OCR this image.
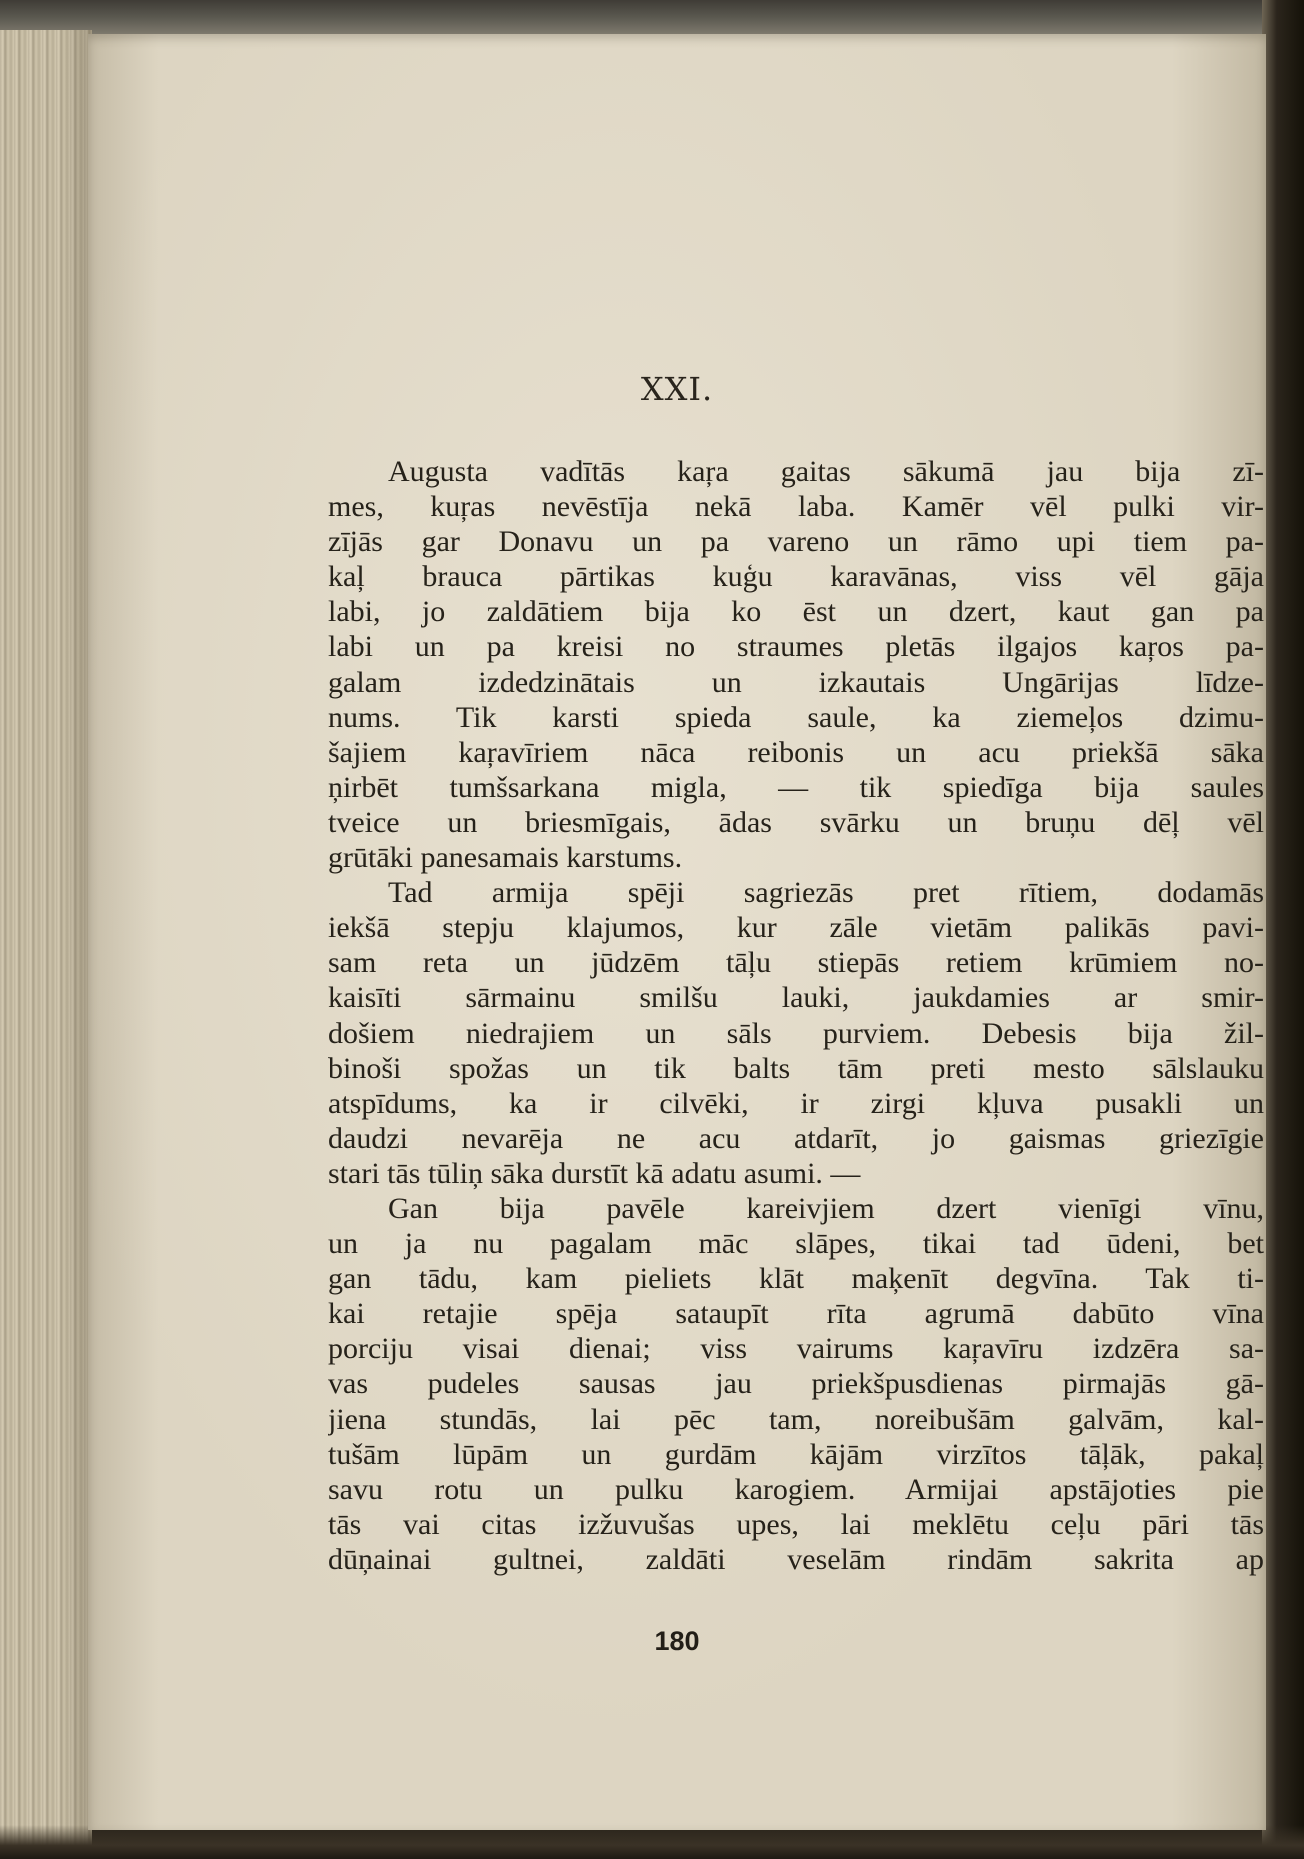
XXI.
Augusta vadītās kaŗa gaitas sākumā jau bija zī-
mes, kuŗas nevēstīja nekā laba. Kamēr vēl pulki vir-
zījās gar Donavu un pa vareno un rāmo upi tiem pa-
kaļ brauca pārtikas kuģu karavānas, viss vēl gāja
labi, jo zaldātiem bija ko ēst un dzert, kaut gan pa
labi un pa kreisi no straumes pletās ilgajos kaŗos pa-
galam izdedzinātais un izkautais Ungārijas līdze-
nums. Tik karsti spieda saule, ka ziemeļos dzimu-
šajiem kaŗavīriem nāca reibonis un acu priekšā sāka
ņirbēt tumšsarkana migla, — tik spiedīga bija saules
tveice un briesmīgais, ādas svārku un bruņu dēļ vēl
grūtāki panesamais karstums.
Tad armija spēji sagriezās pret rītiem, dodamās
iekšā stepju klajumos, kur zāle vietām palikās pavi-
sam reta un jūdzēm tāļu stiepās retiem krūmiem no-
kaisīti sārmainu smilšu lauki, jaukdamies ar smir-
došiem niedrajiem un sāls purviem. Debesis bija žil-
binoši spožas un tik balts tām preti mesto sālslauku
atspīdums, ka ir cilvēki, ir zirgi kļuva pusakli un
daudzi nevarēja ne acu atdarīt, jo gaismas griezīgie
stari tās tūliņ sāka durstīt kā adatu asumi. —
Gan bija pavēle kareivjiem dzert vienīgi vīnu,
un ja nu pagalam māc slāpes, tikai tad ūdeni, bet
gan tādu, kam pieliets klāt maķenīt degvīna. Tak ti-
kai retajie spēja sataupīt rīta agrumā dabūto vīna
porciju visai dienai; viss vairums kaŗavīru izdzēra sa-
vas pudeles sausas jau priekšpusdienas pirmajās gā-
jiena stundās, lai pēc tam, noreibušām galvām, kal-
tušām lūpām un gurdām kājām virzītos tāļāk, pakaļ
savu rotu un pulku karogiem. Armijai apstājoties pie
tās vai citas izžuvušas upes, lai meklētu ceļu pāri tās
dūņainai gultnei, zaldāti veselām rindām sakrita ap
180
